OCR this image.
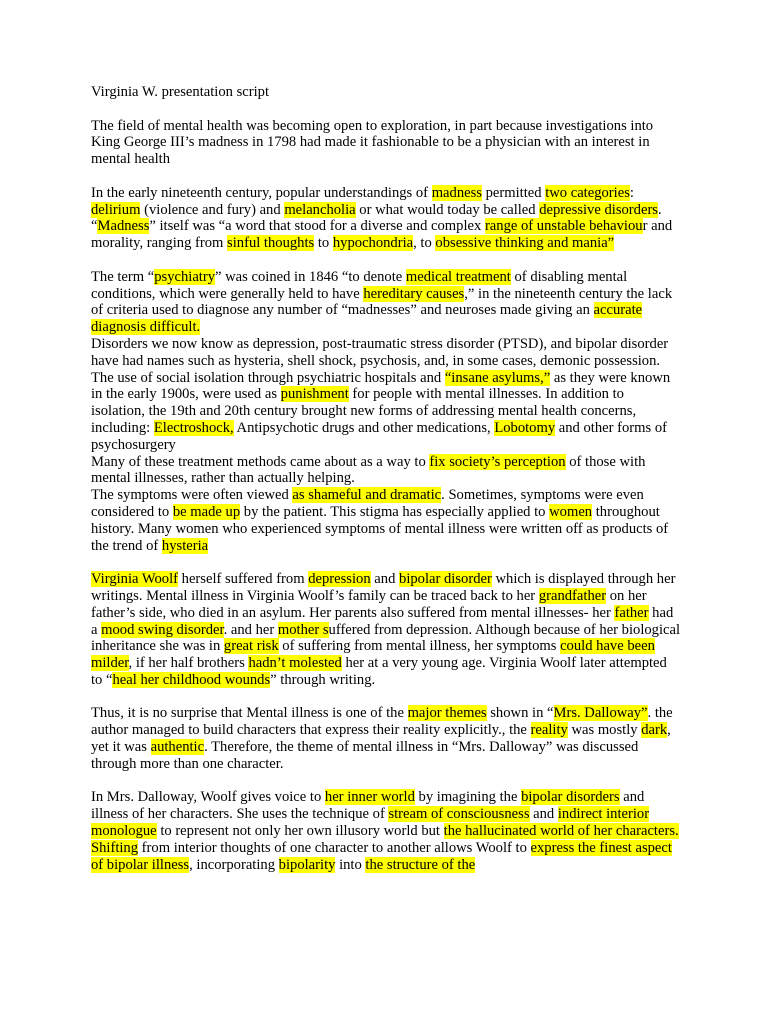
Virginia W. presentation script

The field of mental health was becoming open to exploration, in part because investigations into King George III’s madness in 1798 had made it fashionable to be a physician with an interest in mental health

In the early nineteenth century, popular understandings of madness permitted two categories: delirium (violence and fury) and melancholia or what would today be called depressive disorders. “Madness” itself was “a word that stood for a diverse and complex range of unstable behaviour and morality, ranging from sinful thoughts to hypochondria, to obsessive thinking and mania”

The term “psychiatry” was coined in 1846 “to denote medical treatment of disabling mental conditions, which were generally held to have hereditary causes,” in the nineteenth century the lack of criteria used to diagnose any number of “madnesses” and neuroses made giving an accurate diagnosis difficult.

Disorders we now know as depression, post-traumatic stress disorder (PTSD), and bipolar disorder have had names such as hysteria, shell shock, psychosis, and, in some cases, demonic possession.

The use of social isolation through psychiatric hospitals and “insane asylums,” as they were known in the early 1900s, were used as punishment for people with mental illnesses. In addition to isolation, the 19th and 20th century brought new forms of addressing mental health concerns, including: Electroshock, Antipsychotic drugs and other medications, Lobotomy and other forms of psychosurgery

Many of these treatment methods came about as a way to fix society’s perception of those with mental illnesses, rather than actually helping.

The symptoms were often viewed as shameful and dramatic. Sometimes, symptoms were even considered to be made up by the patient. This stigma has especially applied to women throughout history. Many women who experienced symptoms of mental illness were written off as products of the trend of hysteria

Virginia Woolf herself suffered from depression and bipolar disorder which is displayed through her writings. Mental illness in Virginia Woolf’s family can be traced back to her grandfather on her father’s side, who died in an asylum. Her parents also suffered from mental illnesses- her father had a mood swing disorder. and her mother suffered from depression. Although because of her biological inheritance she was in great risk of suffering from mental illness, her symptoms could have been milder, if her half brothers hadn’t molested her at a very young age. Virginia Woolf later attempted to “heal her childhood wounds” through writing.

Thus, it is no surprise that Mental illness is one of the major themes shown in “Mrs. Dalloway”. the author managed to build characters that express their reality explicitly., the reality was mostly dark, yet it was authentic. Therefore, the theme of mental illness in “Mrs. Dalloway” was discussed through more than one character.

In Mrs. Dalloway, Woolf gives voice to her inner world by imagining the bipolar disorders and illness of her characters. She uses the technique of stream of consciousness and indirect interior monologue to represent not only her own illusory world but the hallucinated world of her characters. Shifting from interior thoughts of one character to another allows Woolf to express the finest aspect of bipolar illness, incorporating bipolarity into the structure of the
